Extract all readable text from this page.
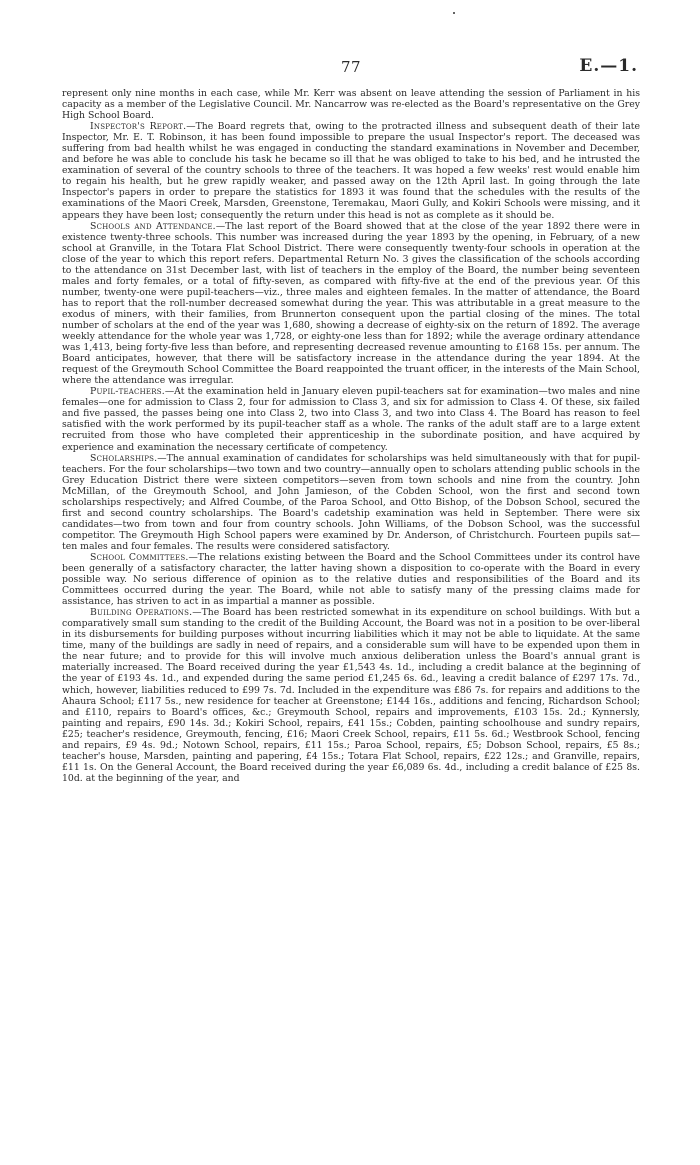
77	E.—1.

represent only nine months in each case, while Mr. Kerr was absent on leave attending the session of Parliament in his capacity as a member of the Legislative Council. Mr. Nancarrow was re-elected as the Board's representative on the Grey High School Board.

Inspector's Report.—The Board regrets that, owing to the protracted illness and subsequent death of their late Inspector, Mr. E. T. Robinson, it has been found impossible to prepare the usual Inspector's report. The deceased was suffering from bad health whilst he was engaged in conducting the standard examinations in November and December, and before he was able to conclude his task he became so ill that he was obliged to take to his bed, and he intrusted the examination of several of the country schools to three of the teachers. It was hoped a few weeks' rest would enable him to regain his health, but he grew rapidly weaker, and passed away on the 12th April last. In going through the late Inspector's papers in order to prepare the statistics for 1893 it was found that the schedules with the results of the examinations of the Maori Creek, Marsden, Greenstone, Teremakau, Maori Gully, and Kokiri Schools were missing, and it appears they have been lost; consequently the return under this head is not as complete as it should be.

Schools and Attendance.—The last report of the Board showed that at the close of the year 1892 there were in existence twenty-three schools. This number was increased during the year 1893 by the opening, in February, of a new school at Granville, in the Totara Flat School District. There were consequently twenty-four schools in operation at the close of the year to which this report refers. Departmental Return No. 3 gives the classification of the schools according to the attendance on 31st December last, with list of teachers in the employ of the Board, the number being seventeen males and forty females, or a total of fifty-seven, as compared with fifty-five at the end of the previous year. Of this number, twenty-one were pupil-teachers—viz., three males and eighteen females. In the matter of attendance, the Board has to report that the roll-number decreased somewhat during the year. This was attributable in a great measure to the exodus of miners, with their families, from Brunnerton consequent upon the partial closing of the mines. The total number of scholars at the end of the year was 1,680, showing a decrease of eighty-six on the return of 1892. The average weekly attendance for the whole year was 1,728, or eighty-one less than for 1892; while the average ordinary attendance was 1,413, being forty-five less than before, and representing decreased revenue amounting to £168 15s. per annum. The Board anticipates, however, that there will be satisfactory increase in the attendance during the year 1894. At the request of the Greymouth School Committee the Board reappointed the truant officer, in the interests of the Main School, where the attendance was irregular.

Pupil-teachers.—At the examination held in January eleven pupil-teachers sat for examination—two males and nine females—one for admission to Class 2, four for admission to Class 3, and six for admission to Class 4. Of these, six failed and five passed, the passes being one into Class 2, two into Class 3, and two into Class 4. The Board has reason to feel satisfied with the work performed by its pupil-teacher staff as a whole. The ranks of the adult staff are to a large extent recruited from those who have completed their apprenticeship in the subordinate position, and have acquired by experience and examination the necessary certificate of competency.

Scholarships.—The annual examination of candidates for scholarships was held simultaneously with that for pupil-teachers. For the four scholarships—two town and two country—annually open to scholars attending public schools in the Grey Education District there were sixteen competitors—seven from town schools and nine from the country. John McMillan, of the Greymouth School, and John Jamieson, of the Cobden School, won the first and second town scholarships respectively; and Alfred Coumbe, of the Paroa School, and Otto Bishop, of the Dobson School, secured the first and second country scholarships. The Board's cadetship examination was held in September. There were six candidates—two from town and four from country schools. John Williams, of the Dobson School, was the successful competitor. The Greymouth High School papers were examined by Dr. Anderson, of Christchurch. Fourteen pupils sat—ten males and four females. The results were considered satisfactory.

School Committees.—The relations existing between the Board and the School Committees under its control have been generally of a satisfactory character, the latter having shown a disposition to co-operate with the Board in every possible way. No serious difference of opinion as to the relative duties and responsibilities of the Board and its Committees occurred during the year. The Board, while not able to satisfy many of the pressing claims made for assistance, has striven to act in as impartial a manner as possible.

Building Operations.—The Board has been restricted somewhat in its expenditure on school buildings. With but a comparatively small sum standing to the credit of the Building Account, the Board was not in a position to be over-liberal in its disbursements for building purposes without incurring liabilities which it may not be able to liquidate. At the same time, many of the buildings are sadly in need of repairs, and a considerable sum will have to be expended upon them in the near future; and to provide for this will involve much anxious deliberation unless the Board's annual grant is materially increased. The Board received during the year £1,543 4s. 1d., including a credit balance at the beginning of the year of £193 4s. 1d., and expended during the same period £1,245 6s. 6d., leaving a credit balance of £297 17s. 7d., which, however, liabilities reduced to £99 7s. 7d. Included in the expenditure was £86 7s. for repairs and additions to the Ahaura School; £117 5s., new residence for teacher at Greenstone; £144 16s., additions and fencing, Richardson School; and £110, repairs to Board's offices, &c.; Greymouth School, repairs and improvements, £103 15s. 2d.; Kynnersly, painting and repairs, £90 14s. 3d.; Kokiri School, repairs, £41 15s.; Cobden, painting schoolhouse and sundry repairs, £25; teacher's residence, Greymouth, fencing, £16; Maori Creek School, repairs, £11 5s. 6d.; Westbrook School, fencing and repairs, £9 4s. 9d.; Notown School, repairs, £11 15s.; Paroa School, repairs, £5; Dobson School, repairs, £5 8s.; teacher's house, Marsden, painting and papering, £4 15s.; Totara Flat School, repairs, £22 12s.; and Granville, repairs, £11 1s. On the General Account, the Board received during the year £6,089 6s. 4d., including a credit balance of £25 8s. 10d. at the beginning of the year, and
